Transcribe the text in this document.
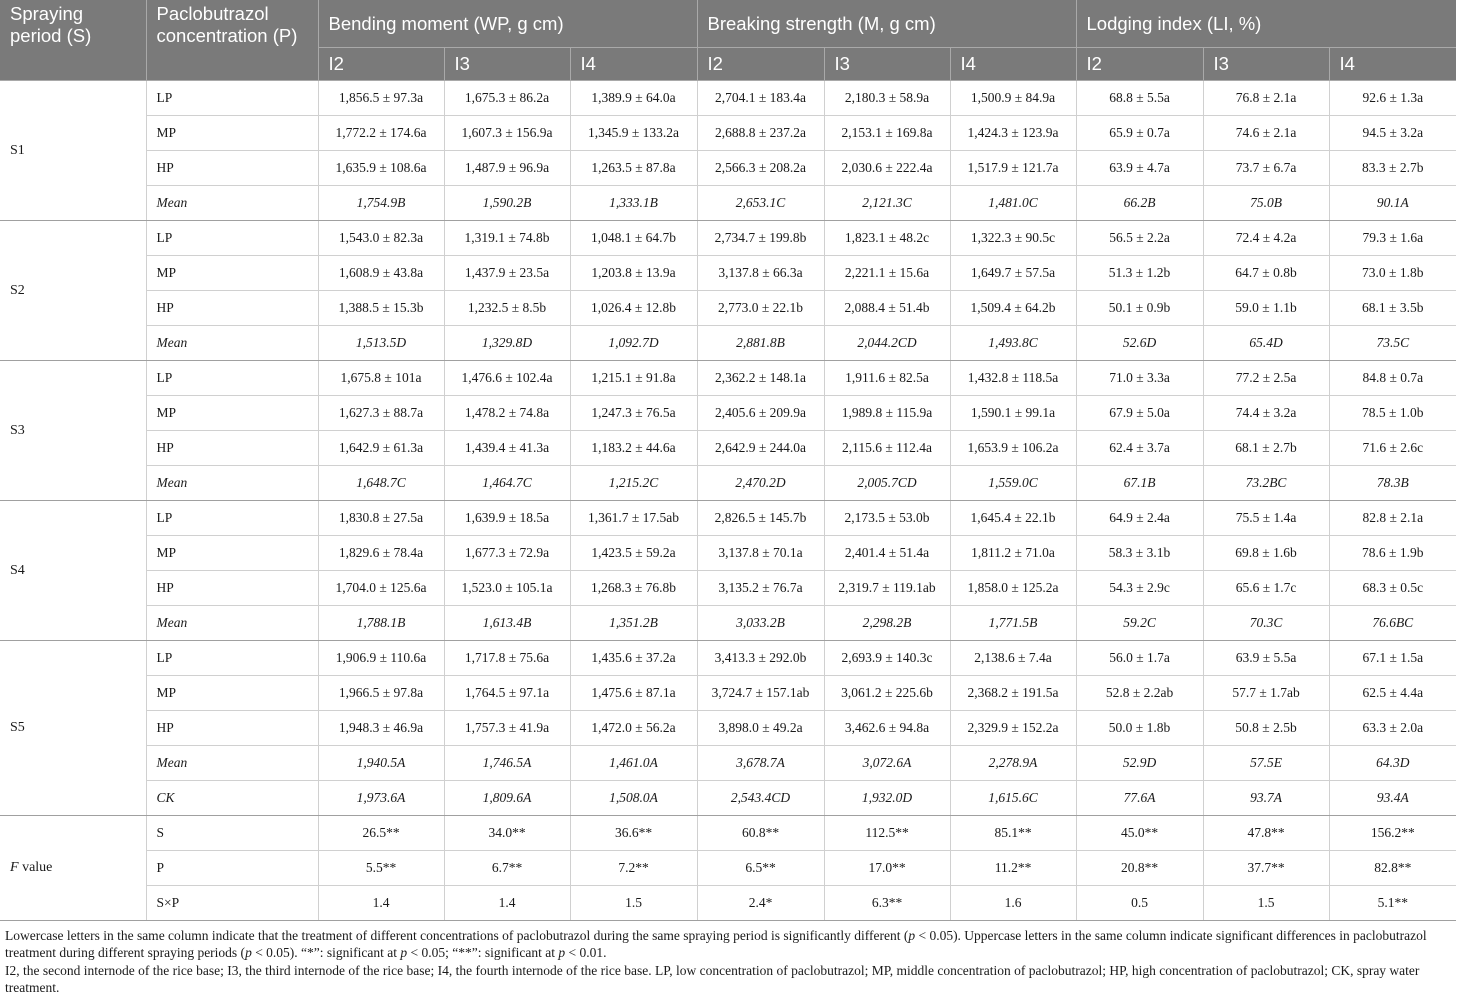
Spraying period (S)	Paclobutrazol concentration (P)	Bending moment (WP, g cm)			Breaking strength (M, g cm)			Lodging index (LI, %)		
		I2	I3	I4	I2	I3	I4	I2	I3	I4
S1	LP	1,856.5 ± 97.3a	1,675.3 ± 86.2a	1,389.9 ± 64.0a	2,704.1 ± 183.4a	2,180.3 ± 58.9a	1,500.9 ± 84.9a	68.8 ± 5.5a	76.8 ± 2.1a	92.6 ± 1.3a
	MP	1,772.2 ± 174.6a	1,607.3 ± 156.9a	1,345.9 ± 133.2a	2,688.8 ± 237.2a	2,153.1 ± 169.8a	1,424.3 ± 123.9a	65.9 ± 0.7a	74.6 ± 2.1a	94.5 ± 3.2a
	HP	1,635.9 ± 108.6a	1,487.9 ± 96.9a	1,263.5 ± 87.8a	2,566.3 ± 208.2a	2,030.6 ± 222.4a	1,517.9 ± 121.7a	63.9 ± 4.7a	73.7 ± 6.7a	83.3 ± 2.7b
	Mean	1,754.9B	1,590.2B	1,333.1B	2,653.1C	2,121.3C	1,481.0C	66.2B	75.0B	90.1A
S2	LP	1,543.0 ± 82.3a	1,319.1 ± 74.8b	1,048.1 ± 64.7b	2,734.7 ± 199.8b	1,823.1 ± 48.2c	1,322.3 ± 90.5c	56.5 ± 2.2a	72.4 ± 4.2a	79.3 ± 1.6a
	MP	1,608.9 ± 43.8a	1,437.9 ± 23.5a	1,203.8 ± 13.9a	3,137.8 ± 66.3a	2,221.1 ± 15.6a	1,649.7 ± 57.5a	51.3 ± 1.2b	64.7 ± 0.8b	73.0 ± 1.8b
	HP	1,388.5 ± 15.3b	1,232.5 ± 8.5b	1,026.4 ± 12.8b	2,773.0 ± 22.1b	2,088.4 ± 51.4b	1,509.4 ± 64.2b	50.1 ± 0.9b	59.0 ± 1.1b	68.1 ± 3.5b
	Mean	1,513.5D	1,329.8D	1,092.7D	2,881.8B	2,044.2CD	1,493.8C	52.6D	65.4D	73.5C
S3	LP	1,675.8 ± 101a	1,476.6 ± 102.4a	1,215.1 ± 91.8a	2,362.2 ± 148.1a	1,911.6 ± 82.5a	1,432.8 ± 118.5a	71.0 ± 3.3a	77.2 ± 2.5a	84.8 ± 0.7a
	MP	1,627.3 ± 88.7a	1,478.2 ± 74.8a	1,247.3 ± 76.5a	2,405.6 ± 209.9a	1,989.8 ± 115.9a	1,590.1 ± 99.1a	67.9 ± 5.0a	74.4 ± 3.2a	78.5 ± 1.0b
	HP	1,642.9 ± 61.3a	1,439.4 ± 41.3a	1,183.2 ± 44.6a	2,642.9 ± 244.0a	2,115.6 ± 112.4a	1,653.9 ± 106.2a	62.4 ± 3.7a	68.1 ± 2.7b	71.6 ± 2.6c
	Mean	1,648.7C	1,464.7C	1,215.2C	2,470.2D	2,005.7CD	1,559.0C	67.1B	73.2BC	78.3B
S4	LP	1,830.8 ± 27.5a	1,639.9 ± 18.5a	1,361.7 ± 17.5ab	2,826.5 ± 145.7b	2,173.5 ± 53.0b	1,645.4 ± 22.1b	64.9 ± 2.4a	75.5 ± 1.4a	82.8 ± 2.1a
	MP	1,829.6 ± 78.4a	1,677.3 ± 72.9a	1,423.5 ± 59.2a	3,137.8 ± 70.1a	2,401.4 ± 51.4a	1,811.2 ± 71.0a	58.3 ± 3.1b	69.8 ± 1.6b	78.6 ± 1.9b
	HP	1,704.0 ± 125.6a	1,523.0 ± 105.1a	1,268.3 ± 76.8b	3,135.2 ± 76.7a	2,319.7 ± 119.1ab	1,858.0 ± 125.2a	54.3 ± 2.9c	65.6 ± 1.7c	68.3 ± 0.5c
	Mean	1,788.1B	1,613.4B	1,351.2B	3,033.2B	2,298.2B	1,771.5B	59.2C	70.3C	76.6BC
S5	LP	1,906.9 ± 110.6a	1,717.8 ± 75.6a	1,435.6 ± 37.2a	3,413.3 ± 292.0b	2,693.9 ± 140.3c	2,138.6 ± 7.4a	56.0 ± 1.7a	63.9 ± 5.5a	67.1 ± 1.5a
	MP	1,966.5 ± 97.8a	1,764.5 ± 97.1a	1,475.6 ± 87.1a	3,724.7 ± 157.1ab	3,061.2 ± 225.6b	2,368.2 ± 191.5a	52.8 ± 2.2ab	57.7 ± 1.7ab	62.5 ± 4.4a
	HP	1,948.3 ± 46.9a	1,757.3 ± 41.9a	1,472.0 ± 56.2a	3,898.0 ± 49.2a	3,462.6 ± 94.8a	2,329.9 ± 152.2a	50.0 ± 1.8b	50.8 ± 2.5b	63.3 ± 2.0a
	Mean	1,940.5A	1,746.5A	1,461.0A	3,678.7A	3,072.6A	2,278.9A	52.9D	57.5E	64.3D
	CK	1,973.6A	1,809.6A	1,508.0A	2,543.4CD	1,932.0D	1,615.6C	77.6A	93.7A	93.4A
F value	S	26.5**	34.0**	36.6**	60.8**	112.5**	85.1**	45.0**	47.8**	156.2**
	P	5.5**	6.7**	7.2**	6.5**	17.0**	11.2**	20.8**	37.7**	82.8**
	S×P	1.4	1.4	1.5	2.4*	6.3**	1.6	0.5	1.5	5.1**

Lowercase letters in the same column indicate that the treatment of different concentrations of paclobutrazol during the same spraying period is significantly different (p < 0.05). Uppercase letters in the same column indicate significant differences in paclobutrazol treatment during different spraying periods (p < 0.05). “*”: significant at p < 0.05; “**”: significant at p < 0.01.

I2, the second internode of the rice base; I3, the third internode of the rice base; I4, the fourth internode of the rice base. LP, low concentration of paclobutrazol; MP, middle concentration of paclobutrazol; HP, high concentration of paclobutrazol; CK, spray water treatment.
